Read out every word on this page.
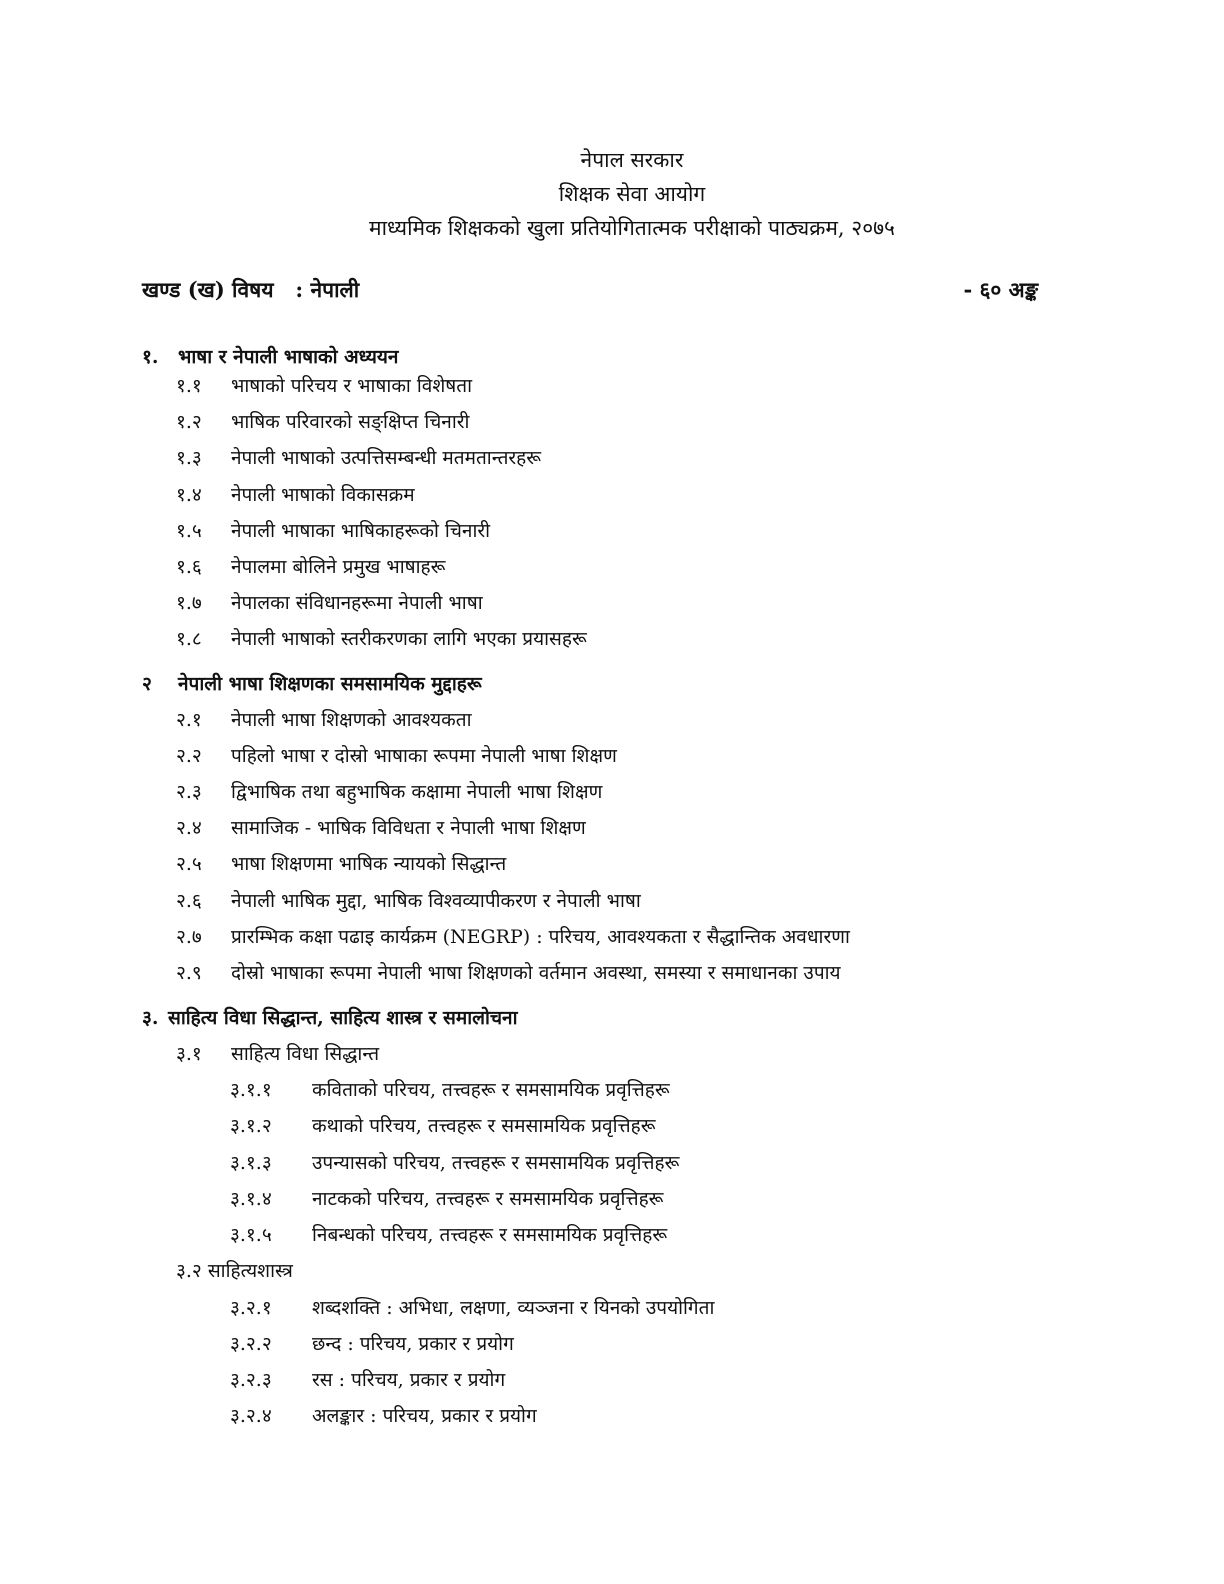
नेपाल सरकार
शिक्षक सेवा आयोग
माध्यमिक शिक्षकको खुला प्रतियोगितात्मक परीक्षाको पाठ्यक्रम, २०७५
खण्ड (ख) विषय   : नेपाली	- ६० अङ्क
१. भाषा र नेपाली भाषाको अध्ययन
१.१ भाषाको परिचय र भाषाका विशेषता
१.२ भाषिक परिवारको सङ्क्षिप्त चिनारी
१.३ नेपाली भाषाको उत्पत्तिसम्बन्धी मतमतान्तरहरू
१.४ नेपाली भाषाको विकासक्रम
१.५ नेपाली भाषाका भाषिकाहरूको चिनारी
१.६ नेपालमा बोलिने प्रमुख भाषाहरू
१.७ नेपालका संविधानहरूमा नेपाली भाषा
१.८ नेपाली भाषाको स्तरीकरणका लागि भएका प्रयासहरू
२ नेपाली भाषा शिक्षणका समसामयिक मुद्दाहरू
२.१ नेपाली भाषा शिक्षणको आवश्यकता
२.२ पहिलो भाषा र दोस्रो भाषाका रूपमा नेपाली भाषा शिक्षण
२.३ द्विभाषिक तथा बहुभाषिक कक्षामा नेपाली भाषा शिक्षण
२.४ सामाजिक - भाषिक विविधता र नेपाली भाषा शिक्षण
२.५ भाषा शिक्षणमा भाषिक न्यायको सिद्धान्त
२.६ नेपाली भाषिक मुद्दा, भाषिक विश्वव्यापीकरण र नेपाली भाषा
२.७ प्रारम्भिक कक्षा पढाइ कार्यक्रम (NEGRP) : परिचय, आवश्यकता र सैद्धान्तिक अवधारणा
२.९ दोस्रो भाषाका रूपमा नेपाली भाषा शिक्षणको वर्तमान अवस्था, समस्या र समाधानका उपाय
३. साहित्य विधा सिद्धान्त, साहित्य शास्त्र र समालोचना
३.१ साहित्य विधा सिद्धान्त
३.१.१ कविताको परिचय, तत्त्वहरू र समसामयिक प्रवृत्तिहरू
३.१.२ कथाको परिचय, तत्त्वहरू र समसामयिक प्रवृत्तिहरू
३.१.३ उपन्यासको परिचय, तत्त्वहरू र समसामयिक प्रवृत्तिहरू
३.१.४ नाटकको परिचय, तत्त्वहरू र समसामयिक प्रवृत्तिहरू
३.१.५ निबन्धको परिचय, तत्त्वहरू र समसामयिक प्रवृत्तिहरू
३.२ साहित्यशास्त्र
३.२.१ शब्दशक्ति : अभिधा, लक्षणा, व्यञ्जना र यिनको उपयोगिता
३.२.२ छन्द : परिचय, प्रकार र प्रयोग
३.२.३ रस : परिचय, प्रकार र प्रयोग
३.२.४ अलङ्कार : परिचय, प्रकार र प्रयोग
